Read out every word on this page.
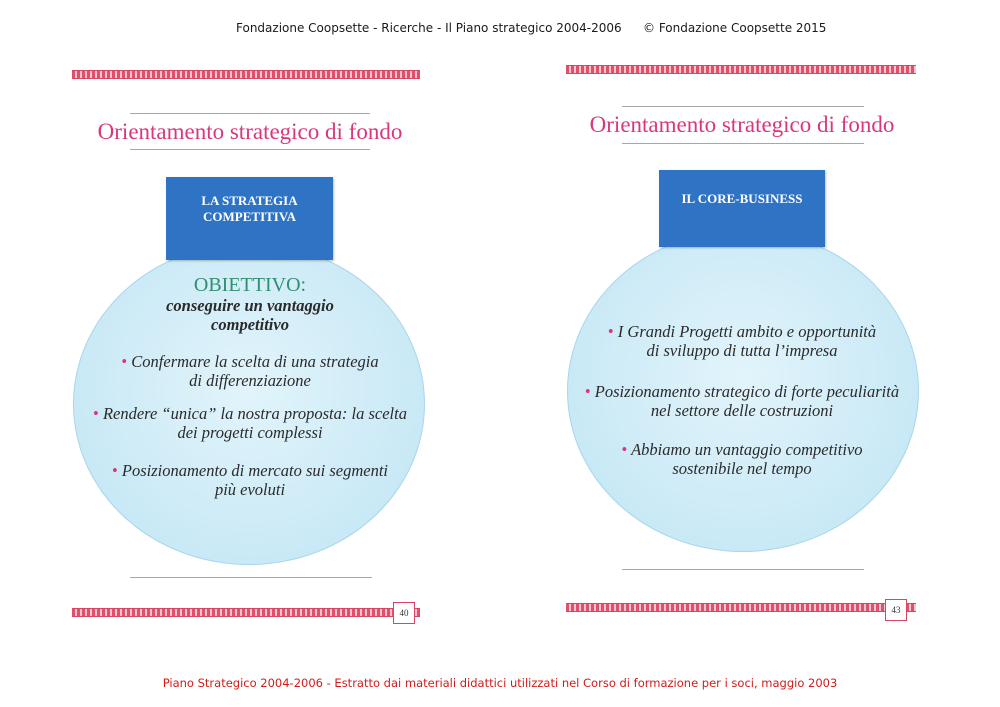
Fondazione Coopsette - Ricerche - Il Piano strategico 2004-2006 © Fondazione Coopsette 2015
Orientamento strategico di fondo
LA STRATEGIA
COMPETITIVA
OBIETTIVO:
conseguire un vantaggio
competitivo
• Confermare la scelta di una strategia
di differenziazione
• Rendere “unica” la nostra proposta: la scelta
dei progetti complessi
• Posizionamento di mercato sui segmenti
più evoluti
40
Orientamento strategico di fondo
IL CORE-BUSINESS
• I Grandi Progetti ambito e opportunità
di sviluppo di tutta l’impresa
• Posizionamento strategico di forte peculiarità
nel settore delle costruzioni
• Abbiamo un vantaggio competitivo
sostenibile nel tempo
43
Piano Strategico 2004-2006 - Estratto dai materiali didattici utilizzati nel Corso di formazione per i soci, maggio 2003
